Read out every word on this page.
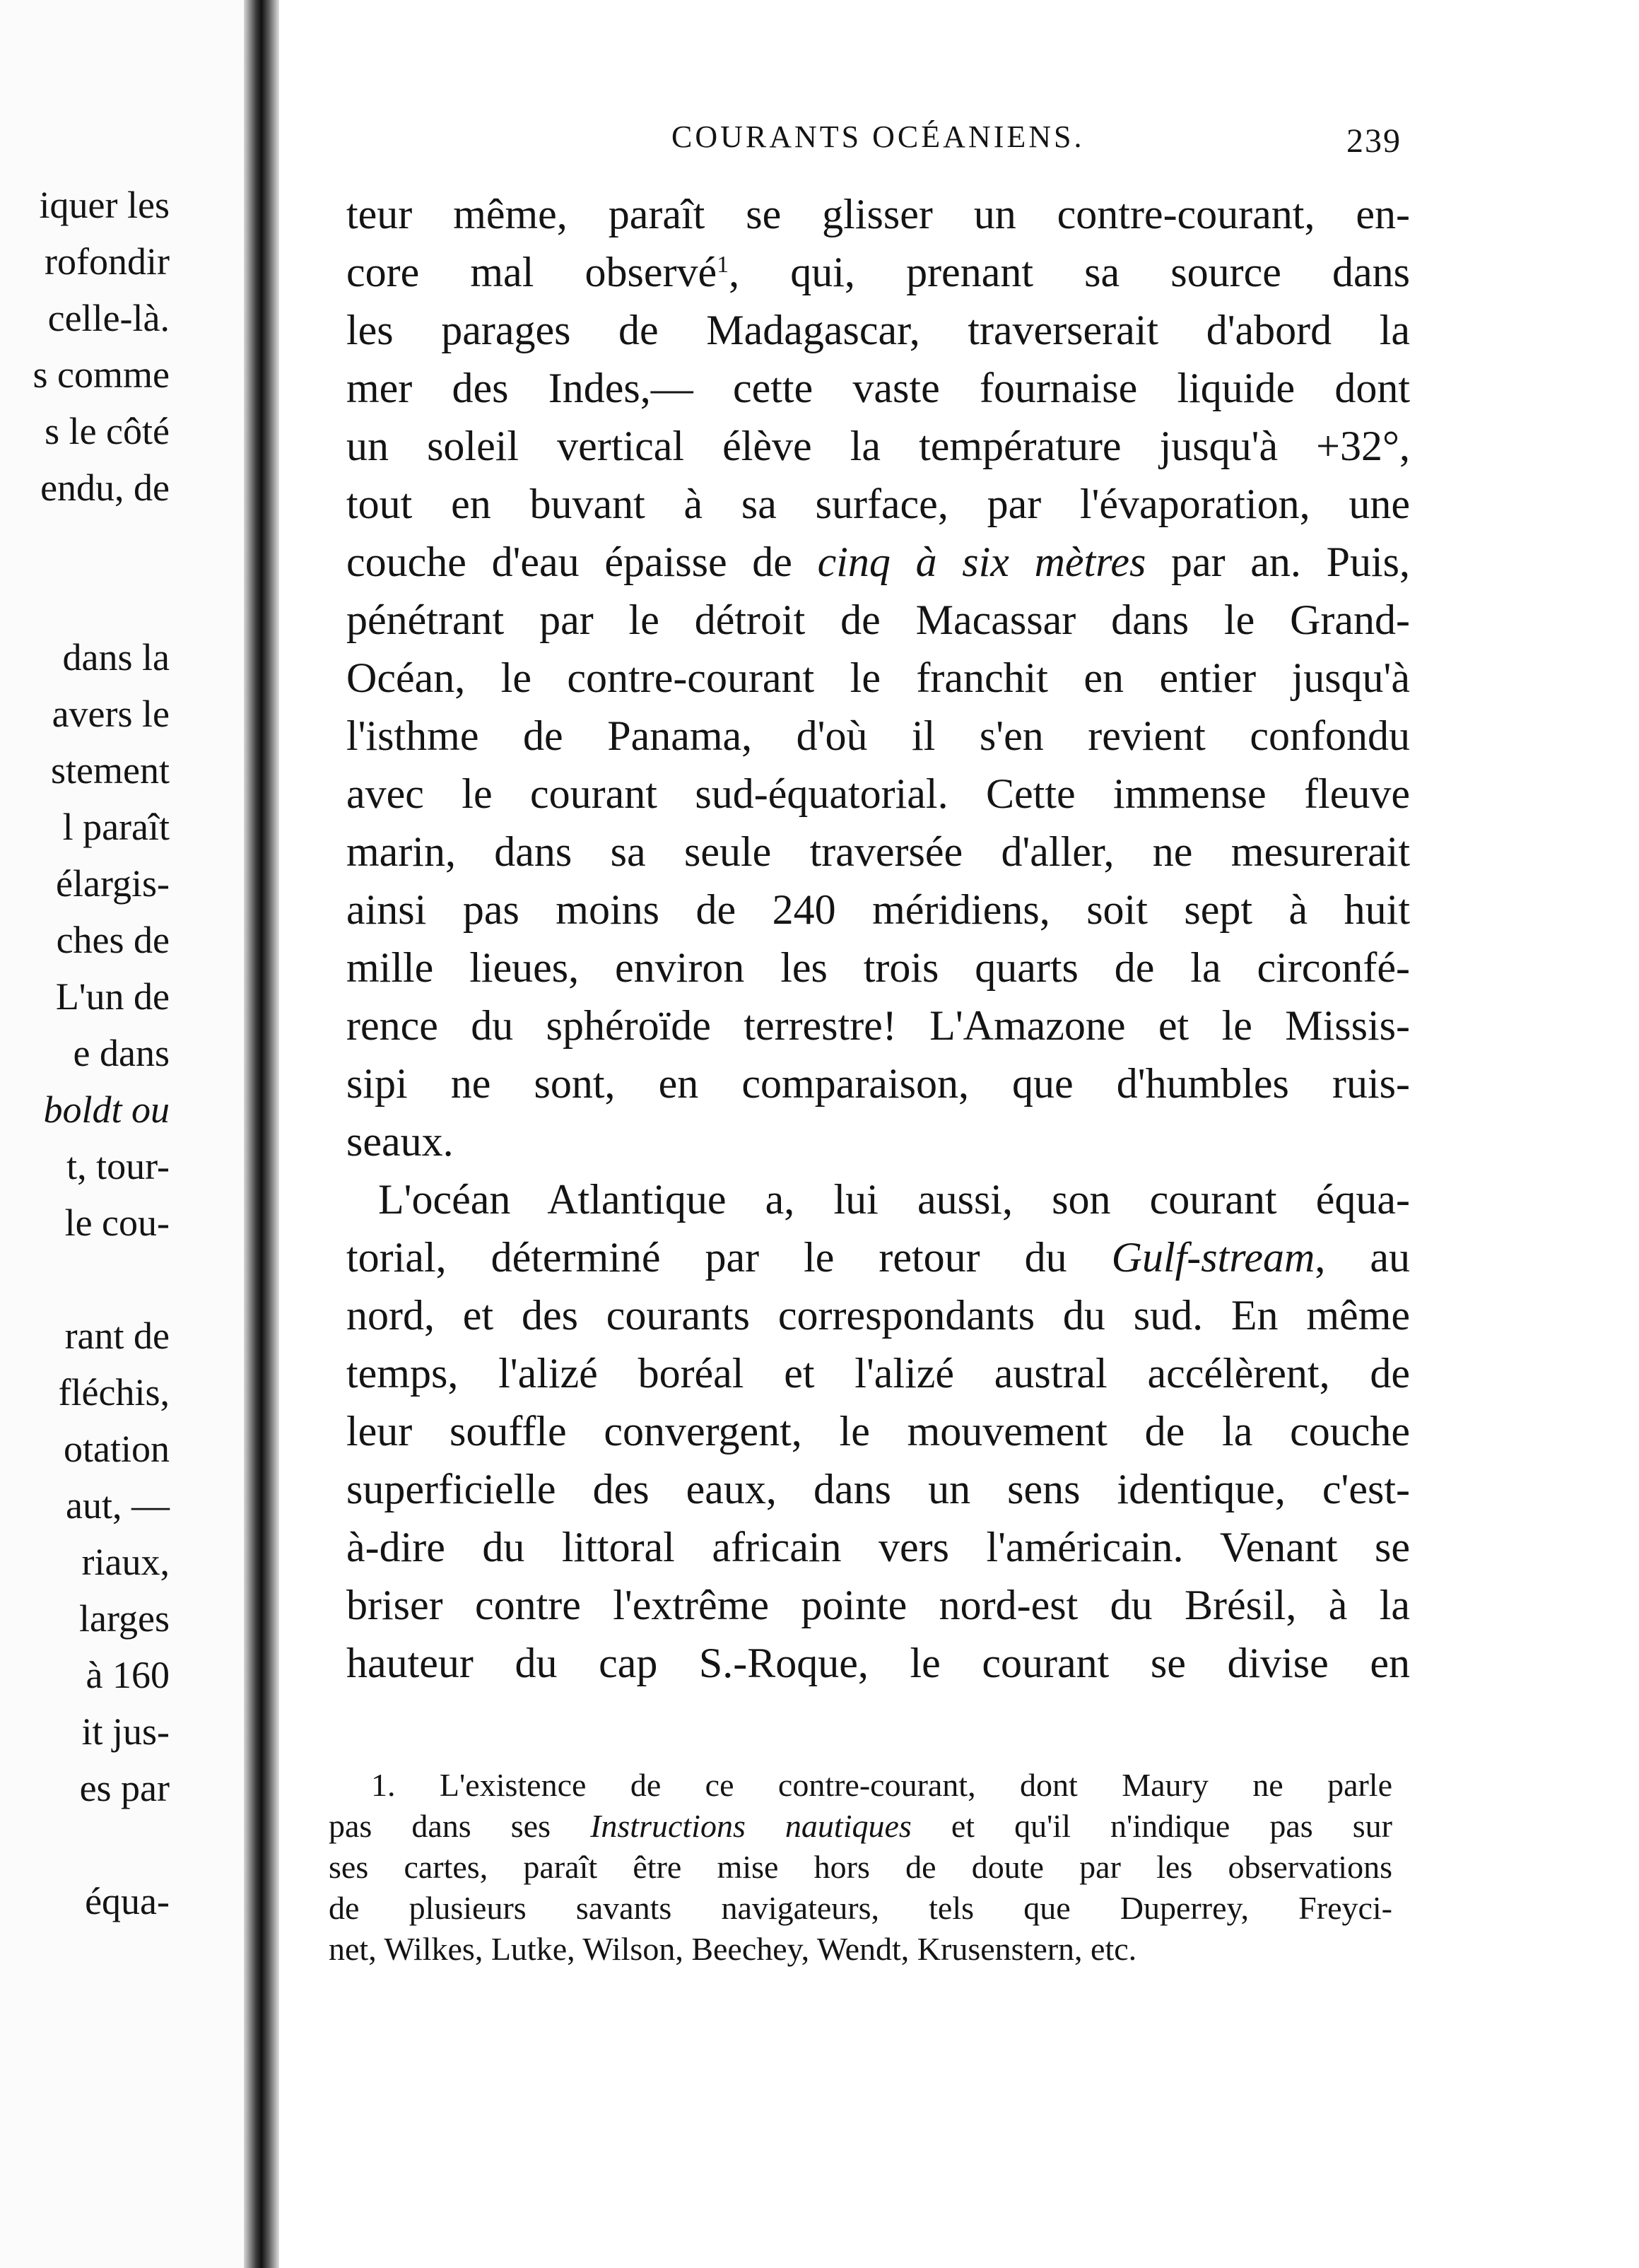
iquer les
rofondir
celle-là.
s comme
s le côté
endu, de
dans la
avers le
stement
l paraît
élargis-
ches de
L'un de
e dans
boldt ou
t, tour-
le cou-
rant de
fléchis,
otation
aut, —
riaux,
larges
à 160
it jus-
es par
équa-
COURANTS OCÉANIENS.	239
teur même, paraît se glisser un contre-courant, en-
core mal observé$^1$, qui, prenant sa source dans
les parages de Madagascar, traverserait d'abord la
mer des Indes,— cette vaste fournaise liquide dont
un soleil vertical élève la température jusqu'à +32°,
tout en buvant à sa surface, par l'évaporation, une
couche d'eau épaisse de cinq à six mètres par an. Puis,
pénétrant par le détroit de Macassar dans le Grand-
Océan, le contre-courant le franchit en entier jusqu'à
l'isthme de Panama, d'où il s'en revient confondu
avec le courant sud-équatorial. Cette immense fleuve
marin, dans sa seule traversée d'aller, ne mesurerait
ainsi pas moins de 240 méridiens, soit sept à huit
mille lieues, environ les trois quarts de la circonfé-
rence du sphéroïde terrestre! L'Amazone et le Missis-
sipi ne sont, en comparaison, que d'humbles ruis-
seaux.
L'océan Atlantique a, lui aussi, son courant équa-
torial, déterminé par le retour du Gulf-stream, au
nord, et des courants correspondants du sud. En même
temps, l'alizé boréal et l'alizé austral accélèrent, de
leur souffle convergent, le mouvement de la couche
superficielle des eaux, dans un sens identique, c'est-
à-dire du littoral africain vers l'américain. Venant se
briser contre l'extrême pointe nord-est du Brésil, à la
hauteur du cap S.-Roque, le courant se divise en
1. L'existence de ce contre-courant, dont Maury ne parle
pas dans ses Instructions nautiques et qu'il n'indique pas sur
ses cartes, paraît être mise hors de doute par les observations
de plusieurs savants navigateurs, tels que Duperrey, Freyci-
net, Wilkes, Lutke, Wilson, Beechey, Wendt, Krusenstern, etc.
